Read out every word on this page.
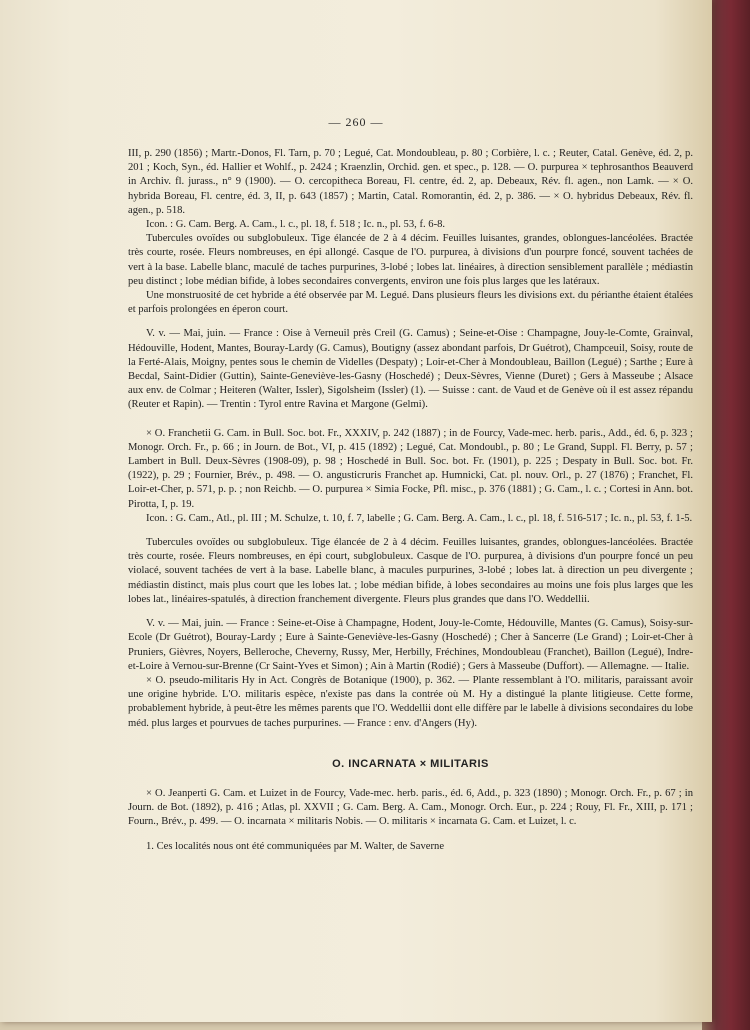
— 260 —

III, p. 290 (1856) ; Martr.-Donos, Fl. Tarn, p. 70 ; Legué, Cat. Mondoubleau, p. 80 ; Corbière, l. c. ; Reuter, Catal. Genève, éd. 2, p. 201 ; Koch, Syn., éd. Hallier et Wohlf., p. 2424 ; Kraenzlin, Orchid. gen. et spec., p. 128. — O. purpurea × tephrosanthos Beauverd in Archiv. fl. jurass., n° 9 (1900). — O. cercopitheca Boreau, Fl. centre, éd. 2, ap. Debeaux, Rév. fl. agen., non Lamk. — × O. hybrida Boreau, Fl. centre, éd. 3, II, p. 643 (1857) ; Martin, Catal. Romorantin, éd. 2, p. 386. — × O. hybridus Debeaux, Rév. fl. agen., p. 518.

Icon. : G. Cam. Berg. A. Cam., l. c., pl. 18, f. 518 ; Ic. n., pl. 53, f. 6-8.

Tubercules ovoïdes ou subglobuleux. Tige élancée de 2 à 4 décim. Feuilles luisantes, grandes, oblongues-lancéolées. Bractée très courte, rosée. Fleurs nombreuses, en épi allongé. Casque de l'O. purpurea, à divisions d'un pourpre foncé, souvent tachées de vert à la base. Labelle blanc, maculé de taches purpurines, 3-lobé ; lobes lat. linéaires, à direction sensiblement parallèle ; médiastin peu distinct ; lobe médian bifide, à lobes secondaires convergents, environ une fois plus larges que les latéraux.

Une monstruosité de cet hybride a été observée par M. Legué. Dans plusieurs fleurs les divisions ext. du périanthe étaient étalées et parfois prolongées en éperon court.

V. v. — Mai, juin. — France : Oise à Verneuil près Creil (G. Camus) ; Seine-et-Oise : Champagne, Jouy-le-Comte, Grainval, Hédouville, Hodent, Mantes, Bouray-Lardy (G. Camus), Boutigny (assez abondant parfois, Dr Guétrot), Champceuil, Soisy, route de la Ferté-Alais, Moigny, pentes sous le chemin de Videlles (Despaty) ; Loir-et-Cher à Mondoubleau, Baillon (Legué) ; Sarthe ; Eure à Becdal, Saint-Didier (Guttin), Sainte-Geneviève-les-Gasny (Hoschedé) ; Deux-Sèvres, Vienne (Duret) ; Gers à Masseube ; Alsace aux env. de Colmar ; Heiteren (Walter, Issler), Sigolsheim (Issler) (1). — Suisse : cant. de Vaud et de Genève où il est assez répandu (Reuter et Rapin). — Trentin : Tyrol entre Ravina et Margone (Gelmi).

× O. Franchetii G. Cam. in Bull. Soc. bot. Fr., XXXIV, p. 242 (1887) ; in de Fourcy, Vade-mec. herb. paris., Add., éd. 6, p. 323 ; Monogr. Orch. Fr., p. 66 ; in Journ. de Bot., VI, p. 415 (1892) ; Legué, Cat. Mondoubl., p. 80 ; Le Grand, Suppl. Fl. Berry, p. 57 ; Lambert in Bull. Deux-Sèvres (1908-09), p. 98 ; Hoschedé in Bull. Soc. bot. Fr. (1901), p. 225 ; Despaty in Bull. Soc. bot. Fr. (1922), p. 29 ; Fournier, Brév., p. 498. — O. angusticruris Franchet ap. Humnicki, Cat. pl. nouv. Orl., p. 27 (1876) ; Franchet, Fl. Loir-et-Cher, p. 571, p. p. ; non Reichb. — O. purpurea × Simia Focke, Pfl. misc., p. 376 (1881) ; G. Cam., l. c. ; Cortesi in Ann. bot. Pirotta, I, p. 19.

Icon. : G. Cam., Atl., pl. III ; M. Schulze, t. 10, f. 7, labelle ; G. Cam. Berg. A. Cam., l. c., pl. 18, f. 516-517 ; Ic. n., pl. 53, f. 1-5.

Tubercules ovoïdes ou subglobuleux. Tige élancée de 2 à 4 décim. Feuilles luisantes, grandes, oblongues-lancéolées. Bractée très courte, rosée. Fleurs nombreuses, en épi court, subglobuleux. Casque de l'O. purpurea, à divisions d'un pourpre foncé un peu violacé, souvent tachées de vert à la base. Labelle blanc, à macules purpurines, 3-lobé ; lobes lat. à direction un peu divergente ; médiastin distinct, mais plus court que les lobes lat. ; lobe médian bifide, à lobes secondaires au moins une fois plus larges que les lobes lat., linéaires-spatulés, à direction franchement divergente. Fleurs plus grandes que dans l'O. Weddellii.

V. v. — Mai, juin. — France : Seine-et-Oise à Champagne, Hodent, Jouy-le-Comte, Hédouville, Mantes (G. Camus), Soisy-sur-Ecole (Dr Guétrot), Bouray-Lardy ; Eure à Sainte-Geneviève-les-Gasny (Hoschedé) ; Cher à Sancerre (Le Grand) ; Loir-et-Cher à Pruniers, Gièvres, Noyers, Belleroche, Cheverny, Russy, Mer, Herbilly, Fréchines, Mondoubleau (Franchet), Baillon (Legué), Indre-et-Loire à Vernou-sur-Brenne (Cr Saint-Yves et Simon) ; Ain à Martin (Rodié) ; Gers à Masseube (Duffort). — Allemagne. — Italie.

× O. pseudo-militaris Hy in Act. Congrès de Botanique (1900), p. 362. — Plante ressemblant à l'O. militaris, paraissant avoir une origine hybride. L'O. militaris espèce, n'existe pas dans la contrée où M. Hy a distingué la plante litigieuse. Cette forme, probablement hybride, à peut-être les mêmes parents que l'O. Weddellii dont elle diffère par le labelle à divisions secondaires du lobe méd. plus larges et pourvues de taches purpurines. — France : env. d'Angers (Hy).

O. INCARNATA × MILITARIS

× O. Jeanperti G. Cam. et Luizet in de Fourcy, Vade-mec. herb. paris., éd. 6, Add., p. 323 (1890) ; Monogr. Orch. Fr., p. 67 ; in Journ. de Bot. (1892), p. 416 ; Atlas, pl. XXVII ; G. Cam. Berg. A. Cam., Monogr. Orch. Eur., p. 224 ; Rouy, Fl. Fr., XIII, p. 171 ; Fourn., Brév., p. 499. — O. incarnata × militaris Nobis. — O. militaris × incarnata G. Cam. et Luizet, l. c.

1. Ces localités nous ont été communiquées par M. Walter, de Saverne
